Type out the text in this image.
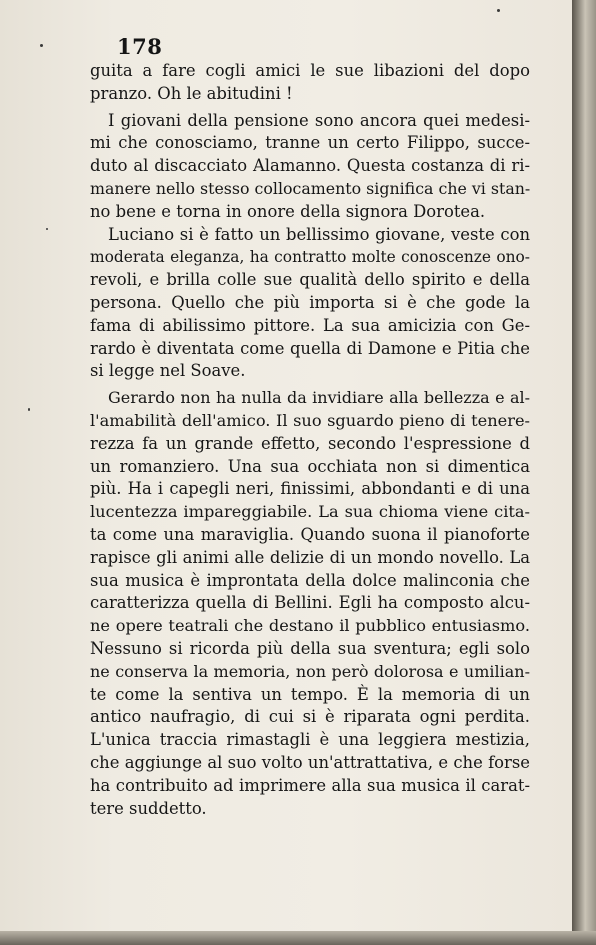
178
guita a fare cogli amici le sue libazioni del dopo
pranzo. Oh le abitudini !
I giovani della pensione sono ancora quei medesi-
mi che conosciamo, tranne un certo Filippo, succe-
duto al discacciato Alamanno. Questa costanza di ri-
manere nello stesso collocamento significa che vi stan-
no bene e torna in onore della signora Dorotea.
Luciano si è fatto un bellissimo giovane, veste con
moderata eleganza, ha contratto molte conoscenze ono-
revoli, e brilla colle sue qualità dello spirito e della
persona. Quello che più importa si è che gode la
fama di abilissimo pittore. La sua amicizia con Ge-
rardo è diventata come quella di Damone e Pitia che
si legge nel Soave.
Gerardo non ha nulla da invidiare alla bellezza e al-
l'amabilità dell'amico. Il suo sguardo pieno di tenere-
rezza fa un grande effetto, secondo l'espressione d
un romanziero. Una sua occhiata non si dimentica
più. Ha i capegli neri, finissimi, abbondanti e di una
lucentezza impareggiabile. La sua chioma viene cita-
ta come una maraviglia. Quando suona il pianoforte
rapisce gli animi alle delizie di un mondo novello. La
sua musica è improntata della dolce malinconia che
caratterizza quella di Bellini. Egli ha composto alcu-
ne opere teatrali che destano il pubblico entusiasmo.
Nessuno si ricorda più della sua sventura; egli solo
ne conserva la memoria, non però dolorosa e umilian-
te come la sentiva un tempo. È la memoria di un
antico naufragio, di cui si è riparata ogni perdita.
L'unica traccia rimastagli è una leggiera mestizia,
che aggiunge al suo volto un'attrattativa, e che forse
ha contribuito ad imprimere alla sua musica il carat-
tere suddetto.
